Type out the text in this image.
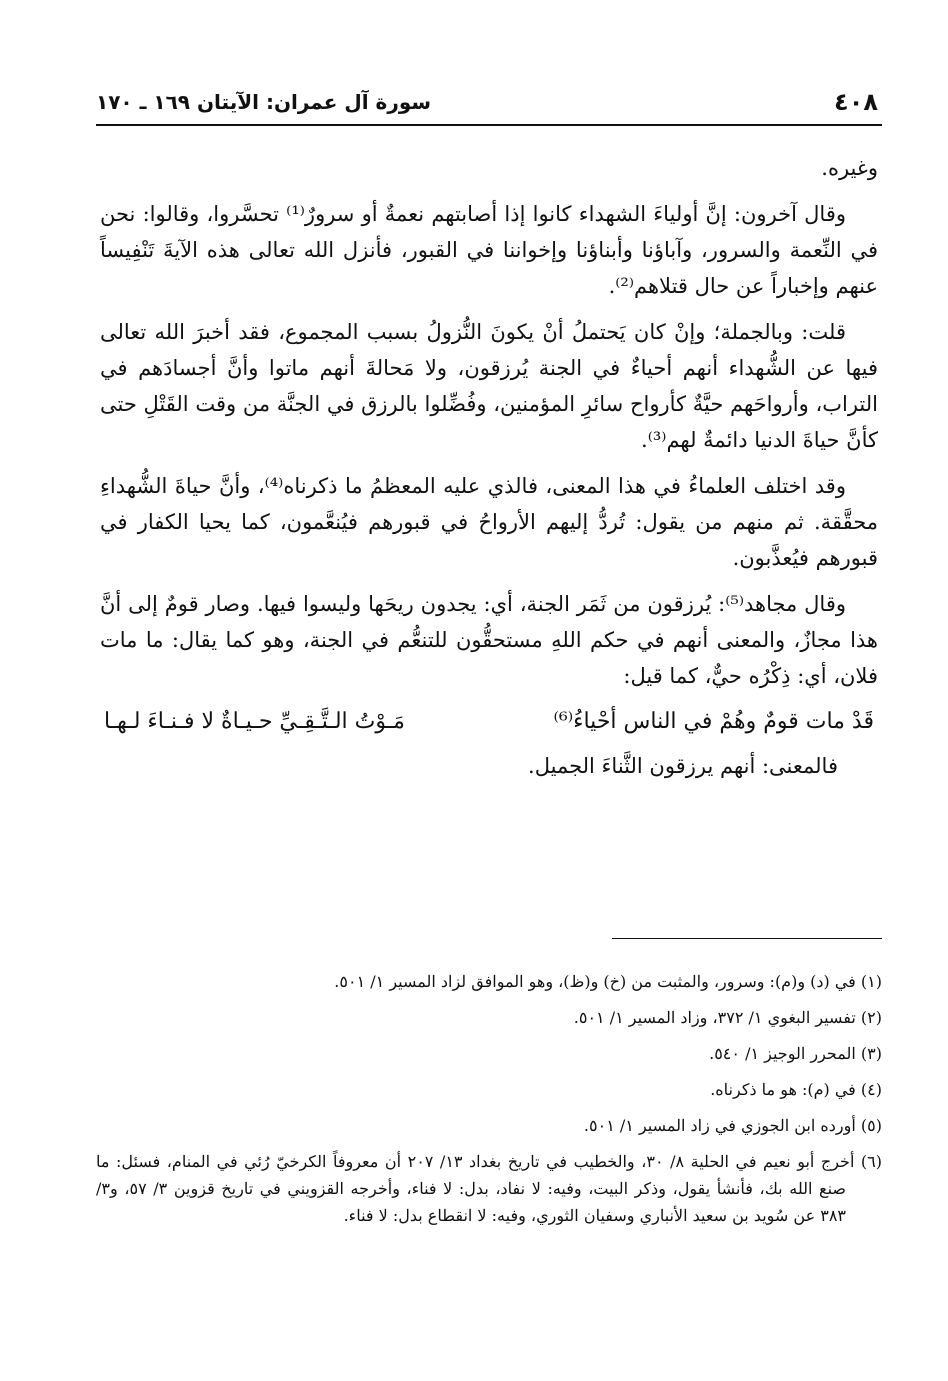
٤٠٨
سورة آل عمران: الآيتان ١٦٩ ـ ١٧٠

وغيره.

وقال آخرون: إنَّ أولياءَ الشهداء كانوا إذا أصابتهم نعمةٌ أو سرورٌ⁽¹⁾ تحسَّروا، وقالوا: نحن في النِّعمة والسرور، وآباؤنا وأبناؤنا وإخواننا في القبور، فأنزل الله تعالى هذه الآيةَ تَنْفِيساً عنهم وإخباراً عن حال قتلاهم⁽²⁾.

قلت: وبالجملة؛ وإنْ كان يَحتملُ أنْ يكونَ النُّزولُ بسبب المجموع، فقد أخبرَ الله تعالى فيها عن الشُّهداء أنهم أحياءٌ في الجنة يُرزقون، ولا مَحالةَ أنهم ماتوا وأنَّ أجسادَهم في التراب، وأرواحَهم حيَّةٌ كأرواح سائرِ المؤمنين، وفُضِّلوا بالرزق في الجنَّة من وقت القَتْلِ حتى كأنَّ حياةَ الدنيا دائمةٌ لهم⁽³⁾.

وقد اختلف العلماءُ في هذا المعنى، فالذي عليه المعظمُ ما ذكرناه⁽⁴⁾، وأنَّ حياةَ الشُّهداءِ محقَّقة. ثم منهم من يقول: تُردُّ إليهم الأرواحُ في قبورهم فيُنعَّمون، كما يحيا الكفار في قبورهم فيُعذَّبون.

وقال مجاهد⁽⁵⁾: يُرزقون من ثَمَر الجنة، أي: يجدون ريحَها وليسوا فيها. وصار قومٌ إلى أنَّ هذا مجازٌ، والمعنى أنهم في حكم اللهِ مستحقُّون للتنعُّم في الجنة، وهو كما يقال: ما مات فلان، أي: ذِكْرُه حيٌّ، كما قيل:

قَدْ مات قومٌ وهُمْ في الناس أحْياءُ⁽⁶⁾
مَـوْتُ الـتَّـقِـيِّ حـيـاةٌ لا فـنـاءَ لـهـا

فالمعنى: أنهم يرزقون الثَّناءَ الجميل.

(١) في (د) و(م): وسرور، والمثبت من (خ) و(ظ)، وهو الموافق لزاد المسير ١/ ٥٠١.

(٢) تفسير البغوي ١/ ٣٧٢، وزاد المسير ١/ ٥٠١.

(٣) المحرر الوجيز ١/ ٥٤٠.

(٤) في (م): هو ما ذكرناه.

(٥) أورده ابن الجوزي في زاد المسير ١/ ٥٠١.

(٦) أخرج أبو نعيم في الحلية ٨/ ٣٠، والخطيب في تاريخ بغداد ١٣/ ٢٠٧ أن معروفاً الكرخيّ رُئي في المنام، فسئل: ما صنع الله بك، فأنشأ يقول، وذكر البيت، وفيه: لا نفاد، بدل: لا فناء، وأخرجه القزويني في تاريخ قزوين ٣/ ٥٧، و٣/ ٣٨٣ عن سُويد بن سعيد الأنباري وسفيان الثوري، وفيه: لا انقطاع بدل: لا فناء.
